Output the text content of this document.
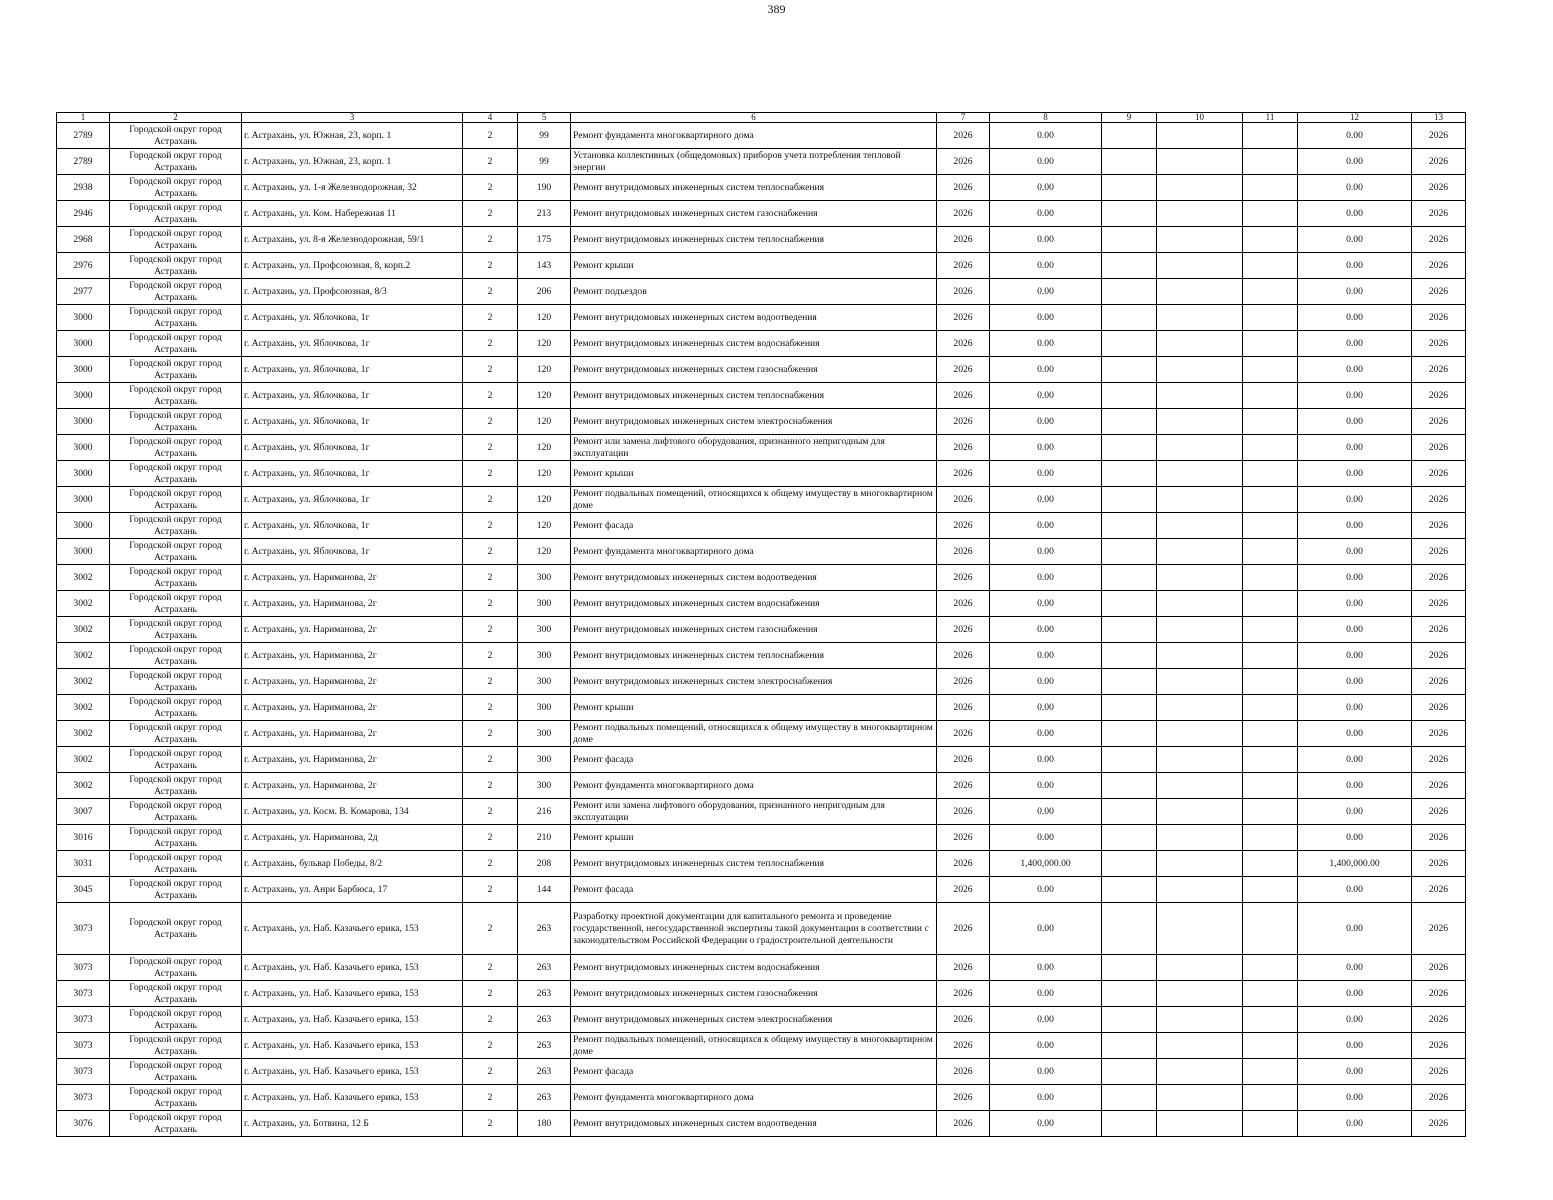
389
1	2	3	4	5	6	7	8	9	10	11	12	13
2789	Городской округ город Астрахань	г. Астрахань, ул. Южная, 23, корп. 1	2	99	Ремонт фундамента многоквартирного дома	2026	0.00				0.00	2026
2789	Городской округ город Астрахань	г. Астрахань, ул. Южная, 23, корп. 1	2	99	Установка коллективных (общедомовых) приборов учета потребления тепловой энергии	2026	0.00				0.00	2026
2938	Городской округ город Астрахань	г. Астрахань, ул. 1-я Железнодорожная, 32	2	190	Ремонт внутридомовых инженерных систем теплоснабжения	2026	0.00				0.00	2026
2946	Городской округ город Астрахань	г. Астрахань, ул. Ком. Набережная 11	2	213	Ремонт внутридомовых инженерных систем газоснабжения	2026	0.00				0.00	2026
2968	Городской округ город Астрахань	г. Астрахань, ул. 8-я Железнодорожная, 59/1	2	175	Ремонт внутридомовых инженерных систем теплоснабжения	2026	0.00				0.00	2026
2976	Городской округ город Астрахань	г. Астрахань, ул. Профсоюзная, 8, корп.2	2	143	Ремонт крыши	2026	0.00				0.00	2026
2977	Городской округ город Астрахань	г. Астрахань, ул. Профсоюзная, 8/3	2	206	Ремонт подъездов	2026	0.00				0.00	2026
3000	Городской округ город Астрахань	г. Астрахань, ул. Яблочкова, 1г	2	120	Ремонт внутридомовых инженерных систем водоотведения	2026	0.00				0.00	2026
3000	Городской округ город Астрахань	г. Астрахань, ул. Яблочкова, 1г	2	120	Ремонт внутридомовых инженерных систем водоснабжения	2026	0.00				0.00	2026
3000	Городской округ город Астрахань	г. Астрахань, ул. Яблочкова, 1г	2	120	Ремонт внутридомовых инженерных систем газоснабжения	2026	0.00				0.00	2026
3000	Городской округ город Астрахань	г. Астрахань, ул. Яблочкова, 1г	2	120	Ремонт внутридомовых инженерных систем теплоснабжения	2026	0.00				0.00	2026
3000	Городской округ город Астрахань	г. Астрахань, ул. Яблочкова, 1г	2	120	Ремонт внутридомовых инженерных систем электроснабжения	2026	0.00				0.00	2026
3000	Городской округ город Астрахань	г. Астрахань, ул. Яблочкова, 1г	2	120	Ремонт или замена лифтового оборудования, признанного непригодным для эксплуатации	2026	0.00				0.00	2026
3000	Городской округ город Астрахань	г. Астрахань, ул. Яблочкова, 1г	2	120	Ремонт крыши	2026	0.00				0.00	2026
3000	Городской округ город Астрахань	г. Астрахань, ул. Яблочкова, 1г	2	120	Ремонт подвальных помещений, относящихся к общему имуществу в многоквартирном доме	2026	0.00				0.00	2026
3000	Городской округ город Астрахань	г. Астрахань, ул. Яблочкова, 1г	2	120	Ремонт фасада	2026	0.00				0.00	2026
3000	Городской округ город Астрахань	г. Астрахань, ул. Яблочкова, 1г	2	120	Ремонт фундамента многоквартирного дома	2026	0.00				0.00	2026
3002	Городской округ город Астрахань	г. Астрахань, ул. Нариманова, 2г	2	300	Ремонт внутридомовых инженерных систем водоотведения	2026	0.00				0.00	2026
3002	Городской округ город Астрахань	г. Астрахань, ул. Нариманова, 2г	2	300	Ремонт внутридомовых инженерных систем водоснабжения	2026	0.00				0.00	2026
3002	Городской округ город Астрахань	г. Астрахань, ул. Нариманова, 2г	2	300	Ремонт внутридомовых инженерных систем газоснабжения	2026	0.00				0.00	2026
3002	Городской округ город Астрахань	г. Астрахань, ул. Нариманова, 2г	2	300	Ремонт внутридомовых инженерных систем теплоснабжения	2026	0.00				0.00	2026
3002	Городской округ город Астрахань	г. Астрахань, ул. Нариманова, 2г	2	300	Ремонт внутридомовых инженерных систем электроснабжения	2026	0.00				0.00	2026
3002	Городской округ город Астрахань	г. Астрахань, ул. Нариманова, 2г	2	300	Ремонт крыши	2026	0.00				0.00	2026
3002	Городской округ город Астрахань	г. Астрахань, ул. Нариманова, 2г	2	300	Ремонт подвальных помещений, относящихся к общему имуществу в многоквартирном доме	2026	0.00				0.00	2026
3002	Городской округ город Астрахань	г. Астрахань, ул. Нариманова, 2г	2	300	Ремонт фасада	2026	0.00				0.00	2026
3002	Городской округ город Астрахань	г. Астрахань, ул. Нариманова, 2г	2	300	Ремонт фундамента многоквартирного дома	2026	0.00				0.00	2026
3007	Городской округ город Астрахань	г. Астрахань, ул. Косм. В. Комарова, 134	2	216	Ремонт или замена лифтового оборудования, признанного непригодным для эксплуатации	2026	0.00				0.00	2026
3016	Городской округ город Астрахань	г. Астрахань, ул. Нариманова, 2д	2	210	Ремонт крыши	2026	0.00				0.00	2026
3031	Городской округ город Астрахань	г. Астрахань, бульвар Победы, 8/2	2	208	Ремонт внутридомовых инженерных систем теплоснабжения	2026	1,400,000.00				1,400,000.00	2026
3045	Городской округ город Астрахань	г. Астрахань, ул. Анри Барбюса, 17	2	144	Ремонт фасада	2026	0.00				0.00	2026
3073	Городской округ город Астрахань	г. Астрахань, ул. Наб. Казачьего ерика, 153	2	263	Разработку проектной документации для капитального ремонта и проведение государственной, негосударственной экспертизы такой документации в соответствии с законодательством Российской Федерации о градостроительной деятельности	2026	0.00				0.00	2026
3073	Городской округ город Астрахань	г. Астрахань, ул. Наб. Казачьего ерика, 153	2	263	Ремонт внутридомовых инженерных систем водоснабжения	2026	0.00				0.00	2026
3073	Городской округ город Астрахань	г. Астрахань, ул. Наб. Казачьего ерика, 153	2	263	Ремонт внутридомовых инженерных систем газоснабжения	2026	0.00				0.00	2026
3073	Городской округ город Астрахань	г. Астрахань, ул. Наб. Казачьего ерика, 153	2	263	Ремонт внутридомовых инженерных систем электроснабжения	2026	0.00				0.00	2026
3073	Городской округ город Астрахань	г. Астрахань, ул. Наб. Казачьего ерика, 153	2	263	Ремонт подвальных помещений, относящихся к общему имуществу в многоквартирном доме	2026	0.00				0.00	2026
3073	Городской округ город Астрахань	г. Астрахань, ул. Наб. Казачьего ерика, 153	2	263	Ремонт фасада	2026	0.00				0.00	2026
3073	Городской округ город Астрахань	г. Астрахань, ул. Наб. Казачьего ерика, 153	2	263	Ремонт фундамента многоквартирного дома	2026	0.00				0.00	2026
3076	Городской округ город Астрахань	г. Астрахань, ул. Ботвина, 12 Б	2	180	Ремонт внутридомовых инженерных систем водоотведения	2026	0.00				0.00	2026
